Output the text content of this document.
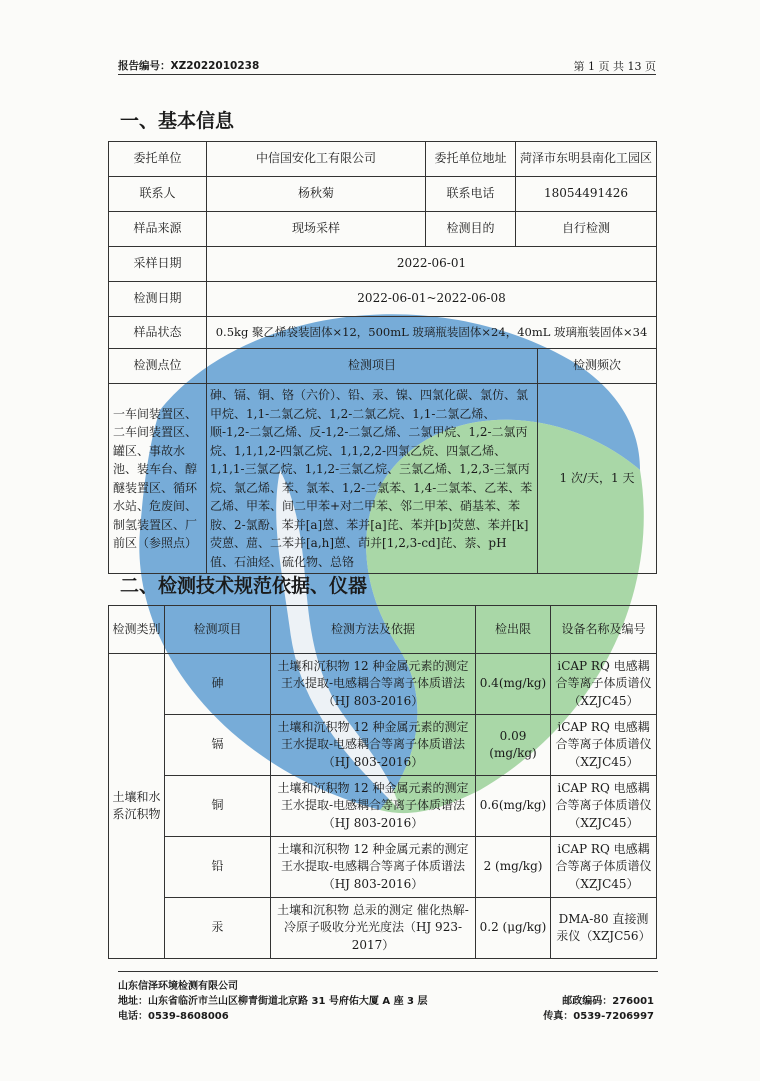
报告编号：XZ2022010238	第 1 页 共 13 页
一、基本信息
委托单位	中信国安化工有限公司	委托单位地址	菏泽市东明县南化工园区	
联系人	杨秋菊	联系电话	18054491426	
样品来源	现场采样	检测目的	自行检测	
采样日期	2022-06-01			
检测日期	2022-06-01~2022-06-08			
样品状态	0.5kg 聚乙烯袋装固体×12，500mL 玻璃瓶装固体×24，40mL 玻璃瓶装固体×34			
检测点位	检测项目			检测频次
一车间装置区、二车间装置区、罐区、事故水池、装车台、醇醚装置区、循环水站、危废间、制氢装置区、厂前区（参照点）	砷、镉、铜、铬（六价）、铅、汞、镍、四氯化碳、氯仿、氯甲烷、1,1-二氯乙烷、1,2-二氯乙烷、1,1-二氯乙烯、顺-1,2-二氯乙烯、反-1,2-二氯乙烯、二氯甲烷、1,2-二氯丙烷、1,1,1,2-四氯乙烷、1,1,2,2-四氯乙烷、四氯乙烯、1,1,1-三氯乙烷、1,1,2-三氯乙烷、三氯乙烯、1,2,3-三氯丙烷、氯乙烯、苯、氯苯、1,2-二氯苯、1,4-二氯苯、乙苯、苯乙烯、甲苯、间二甲苯+对二甲苯、邻二甲苯、硝基苯、苯胺、2-氯酚、苯并[a]蒽、苯并[a]芘、苯并[b]荧蒽、苯并[k]荧蒽、䓛、二苯并[a,h]蒽、茚并[1,2,3-cd]芘、萘、pH 值、石油烃、硫化物、总铬			1 次/天，1 天
二、检测技术规范依据、仪器
检测类别	检测项目	检测方法及依据	检出限	设备名称及编号
土壤和水系沉积物	砷	土壤和沉积物 12 种金属元素的测定 王水提取-电感耦合等离子体质谱法（HJ 803-2016）	0.4(mg/kg)	iCAP RQ 电感耦合等离子体质谱仪（XZJC45）
	镉	土壤和沉积物 12 种金属元素的测定 王水提取-电感耦合等离子体质谱法（HJ 803-2016）	0.09 (mg/kg)	iCAP RQ 电感耦合等离子体质谱仪（XZJC45）
	铜	土壤和沉积物 12 种金属元素的测定 王水提取-电感耦合等离子体质谱法（HJ 803-2016）	0.6(mg/kg)	iCAP RQ 电感耦合等离子体质谱仪（XZJC45）
	铅	土壤和沉积物 12 种金属元素的测定 王水提取-电感耦合等离子体质谱法（HJ 803-2016）	2 (mg/kg)	iCAP RQ 电感耦合等离子体质谱仪（XZJC45）
	汞	土壤和沉积物 总汞的测定 催化热解-冷原子吸收分光光度法（HJ 923-2017）	0.2 (μg/kg)	DMA-80 直接测汞仪（XZJC56）
山东信泽环境检测有限公司
地址：山东省临沂市兰山区柳青街道北京路 31 号府佑大厦 A 座 3 层	邮政编码：276001
电话：0539-8608006	传真：0539-7206997
